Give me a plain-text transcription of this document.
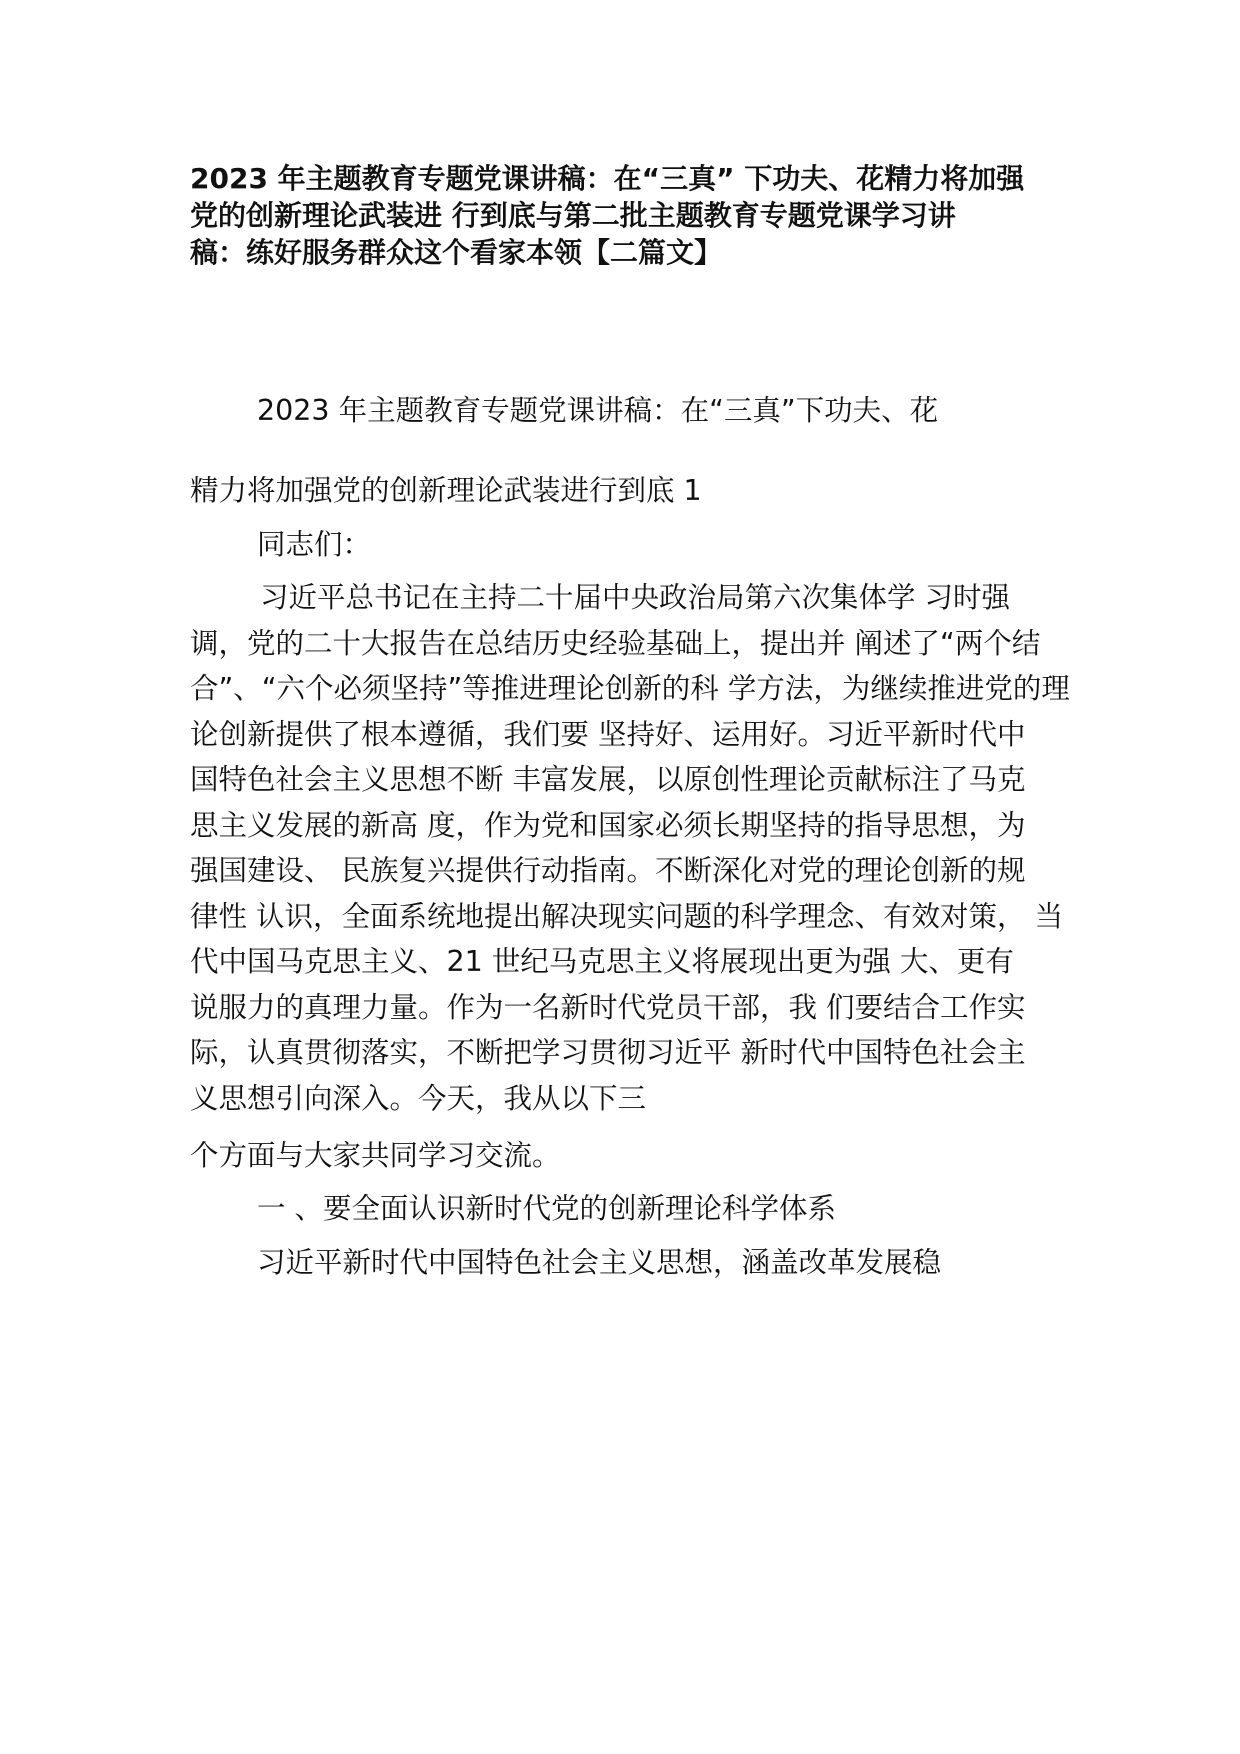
2023 年主题教育专题党课讲稿：在“三真” 下功夫、花精力将加强
党的创新理论武装进 行到底与第二批主题教育专题党课学习讲
稿：练好服务群众这个看家本领【二篇文】
2023 年主题教育专题党课讲稿：在“三真”下功夫、花
精力将加强党的创新理论武装进行到底 1
同志们：

习近平总书记在主持二十届中央政治局第六次集体学 习时强
调，党的二十大报告在总结历史经验基础上，提出并 阐述了“两个结
合”、“六个必须坚持”等推进理论创新的科 学方法，为继续推进党的理
论创新提供了根本遵循，我们要 坚持好、运用好。习近平新时代中
国特色社会主义思想不断 丰富发展，以原创性理论贡献标注了马克
思主义发展的新高 度，作为党和国家必须长期坚持的指导思想，为
强国建设、 民族复兴提供行动指南。不断深化对党的理论创新的规
律性 认识，全面系统地提出解决现实问题的科学理念、有效对策， 当
代中国马克思主义、21 世纪马克思主义将展现出更为强 大、更有
说服力的真理力量。作为一名新时代党员干部，我 们要结合工作实
际，认真贯彻落实，不断把学习贯彻习近平 新时代中国特色社会主
义思想引向深入。今天，我从以下三

个方面与大家共同学习交流。
一 、要全面认识新时代党的创新理论科学体系
习近平新时代中国特色社会主义思想，涵盖改革发展稳
